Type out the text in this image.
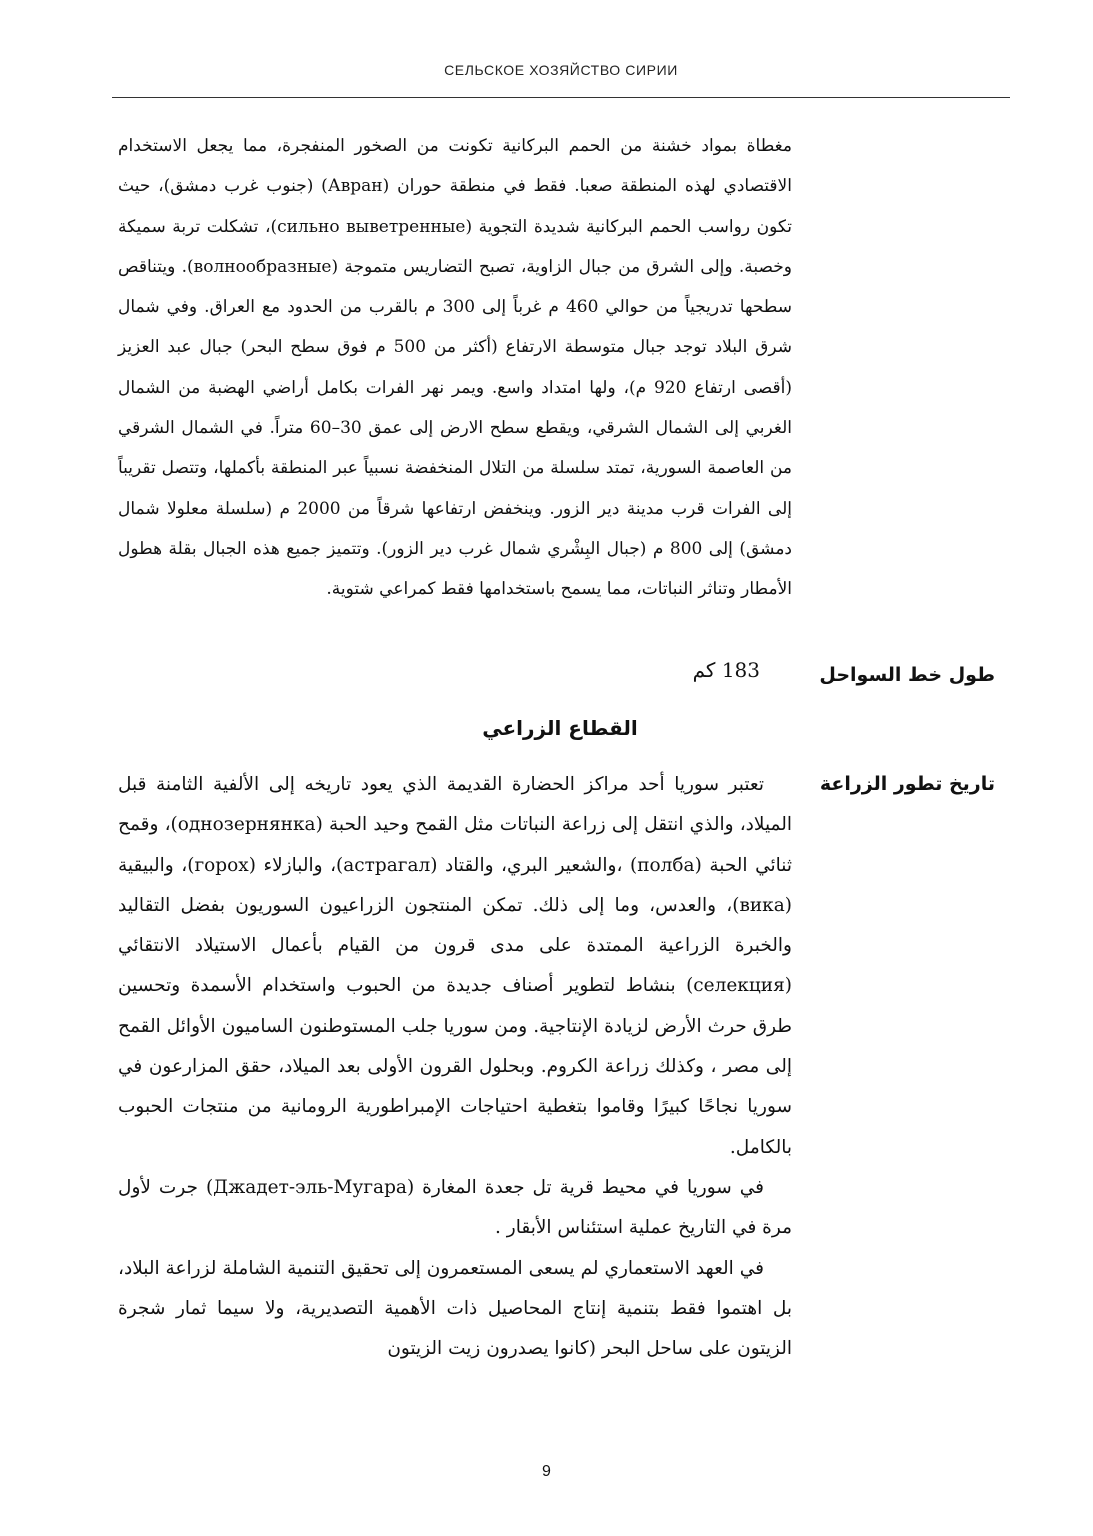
СЕЛЬСКОЕ ХОЗЯЙСТВО СИРИИ
مغطاة بمواد خشنة من الحمم البركانية تكونت من الصخور المنفجرة، مما يجعل الاستخدام الاقتصادي لهذه المنطقة صعبا. فقط في منطقة حوران (Авран) (جنوب غرب دمشق)، حيث تكون رواسب الحمم البركانية شديدة التجوية (сильно выветренные)، تشكلت تربة سميكة وخصبة. وإلى الشرق من جبال الزاوية، تصبح التضاريس متموجة (волнообразные). ويتناقص سطحها تدريجياً من حوالي 460 م غرباً إلى 300 م بالقرب من الحدود مع العراق. وفي شمال شرق البلاد توجد جبال متوسطة الارتفاع (أكثر من 500 م فوق سطح البحر) جبال عبد العزيز (أقصى ارتفاع 920 م)، ولها امتداد واسع. ويمر نهر الفرات بكامل أراضي الهضبة من الشمال الغربي إلى الشمال الشرقي، ويقطع سطح الارض إلى عمق 30–60 متراً. في الشمال الشرقي من العاصمة السورية، تمتد سلسلة من التلال المنخفضة نسبياً عبر المنطقة بأكملها، وتتصل تقريباً إلى الفرات قرب مدينة دير الزور. وينخفض ارتفاعها شرقاً من 2000 م (سلسلة معلولا شمال دمشق) إلى 800 م (جبال البِشْري شمال غرب دير الزور). وتتميز جميع هذه الجبال بقلة هطول الأمطار وتناثر النباتات، مما يسمح باستخدامها فقط كمراعي شتوية.
طول خط السواحل
183 كم
القطاع الزراعي
تاريخ تطور الزراعة

تعتبر سوريا أحد مراكز الحضارة القديمة الذي يعود تاريخه إلى الألفية الثامنة قبل الميلاد، والذي انتقل إلى زراعة النباتات مثل القمح وحيد الحبة (однозернянка)، وقمح ثنائي الحبة (полба) ،والشعير البري، والقتاد (астрагал)، والبازلاء (горох)، والبيقية (вика)، والعدس، وما إلى ذلك. تمكن المنتجون الزراعيون السوريون بفضل التقاليد والخبرة الزراعية الممتدة على مدى قرون من القيام بأعمال الاستيلاد الانتقائي (селекция) بنشاط لتطوير أصناف جديدة من الحبوب واستخدام الأسمدة وتحسين طرق حرث الأرض لزيادة الإنتاجية. ومن سوريا جلب المستوطنون الساميون الأوائل القمح إلى مصر ، وكذلك زراعة الكروم. وبحلول القرون الأولى بعد الميلاد، حقق المزارعون في سوريا نجاحًا كبيرًا وقاموا بتغطية احتياجات الإمبراطورية الرومانية من منتجات الحبوب بالكامل.

في سوريا في محيط قرية تل جعدة المغارة (Джадет-эль-Мугара) جرت لأول مرة في التاريخ عملية استئناس الأبقار .

في العهد الاستعماري لم يسعى المستعمرون إلى تحقيق التنمية الشاملة لزراعة البلاد، بل اهتموا فقط بتنمية إنتاج المحاصيل ذات الأهمية التصديرية، ولا سيما ثمار شجرة الزيتون على ساحل البحر (كانوا يصدرون زيت الزيتون

9
